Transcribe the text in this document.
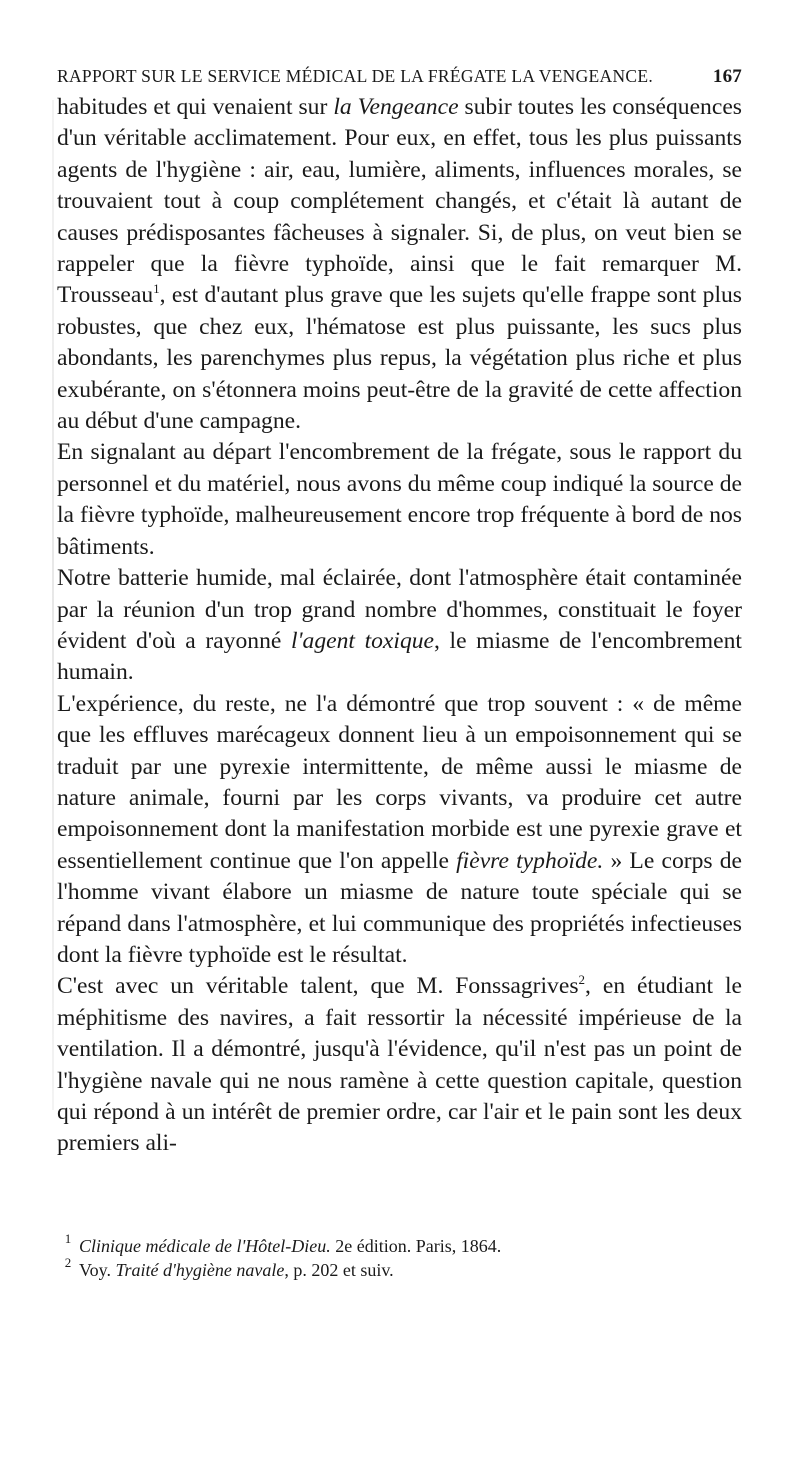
RAPPORT SUR LE SERVICE MÉDICAL DE LA FRÉGATE LA VENGEANCE.	167

habitudes et qui venaient sur la Vengeance subir toutes les conséquences d'un véritable acclimatement. Pour eux, en effet, tous les plus puissants agents de l'hygiène : air, eau, lumière, aliments, influences morales, se trouvaient tout à coup complétement changés, et c'était là autant de causes prédisposantes fâcheuses à signaler. Si, de plus, on veut bien se rappeler que la fièvre typhoïde, ainsi que le fait remarquer M. Trousseau$^1$, est d'autant plus grave que les sujets qu'elle frappe sont plus robustes, que chez eux, l'hématose est plus puissante, les sucs plus abondants, les parenchymes plus repus, la végétation plus riche et plus exubérante, on s'étonnera moins peut-être de la gravité de cette affection au début d'une campagne.

En signalant au départ l'encombrement de la frégate, sous le rapport du personnel et du matériel, nous avons du même coup indiqué la source de la fièvre typhoïde, malheureusement encore trop fréquente à bord de nos bâtiments.

Notre batterie humide, mal éclairée, dont l'atmosphère était contaminée par la réunion d'un trop grand nombre d'hommes, constituait le foyer évident d'où a rayonné l'agent toxique, le miasme de l'encombrement humain.

L'expérience, du reste, ne l'a démontré que trop souvent : « de même que les effluves marécageux donnent lieu à un empoisonnement qui se traduit par une pyrexie intermittente, de même aussi le miasme de nature animale, fourni par les corps vivants, va produire cet autre empoisonnement dont la manifestation morbide est une pyrexie grave et essentiellement continue que l'on appelle fièvre typhoïde. » Le corps de l'homme vivant élabore un miasme de nature toute spéciale qui se répand dans l'atmosphère, et lui communique des propriétés infectieuses dont la fièvre typhoïde est le résultat.

C'est avec un véritable talent, que M. Fonssagrives$^2$, en étudiant le méphitisme des navires, a fait ressortir la nécessité impérieuse de la ventilation. Il a démontré, jusqu'à l'évidence, qu'il n'est pas un point de l'hygiène navale qui ne nous ramène à cette question capitale, question qui répond à un intérêt de premier ordre, car l'air et le pain sont les deux premiers ali-

$^1$ Clinique médicale de l'Hôtel-Dieu. 2e édition. Paris, 1864.
$^2$ Voy. Traité d'hygiène navale, p. 202 et suiv.
